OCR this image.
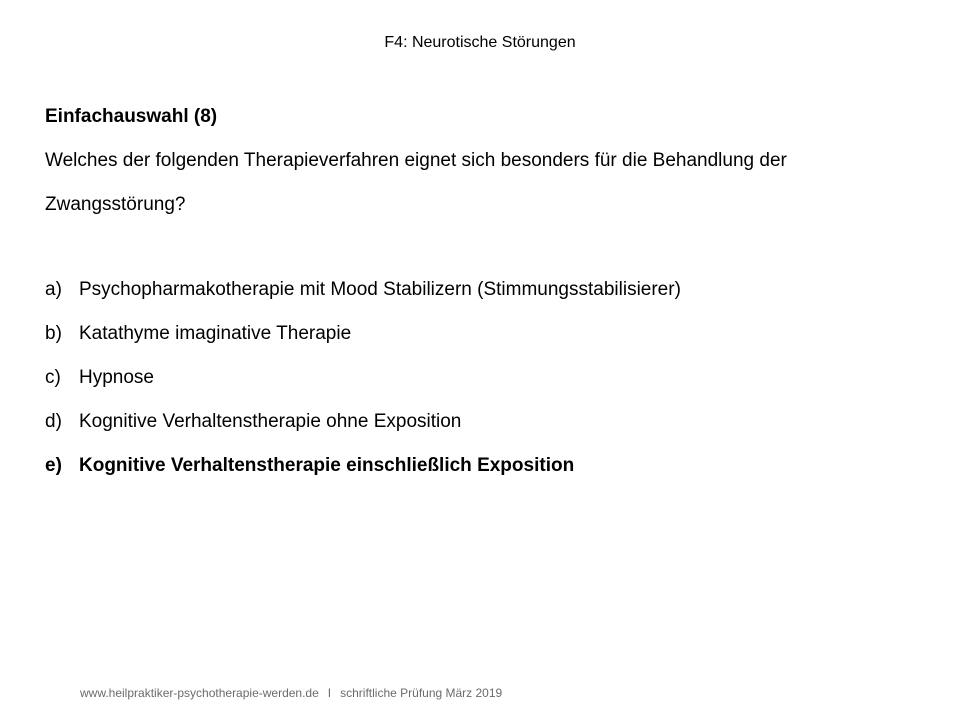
F4: Neurotische Störungen
Einfachauswahl (8)
Welches der folgenden Therapieverfahren eignet sich besonders für die Behandlung der Zwangsstörung?
a) Psychopharmakotherapie mit Mood Stabilizern (Stimmungsstabilisierer)
b) Katathyme imaginative Therapie
c) Hypnose
d) Kognitive Verhaltenstherapie ohne Exposition
e) Kognitive Verhaltenstherapie einschließlich Exposition
www.heilpraktiker-psychotherapie-werden.de I schriftliche Prüfung März 2019
